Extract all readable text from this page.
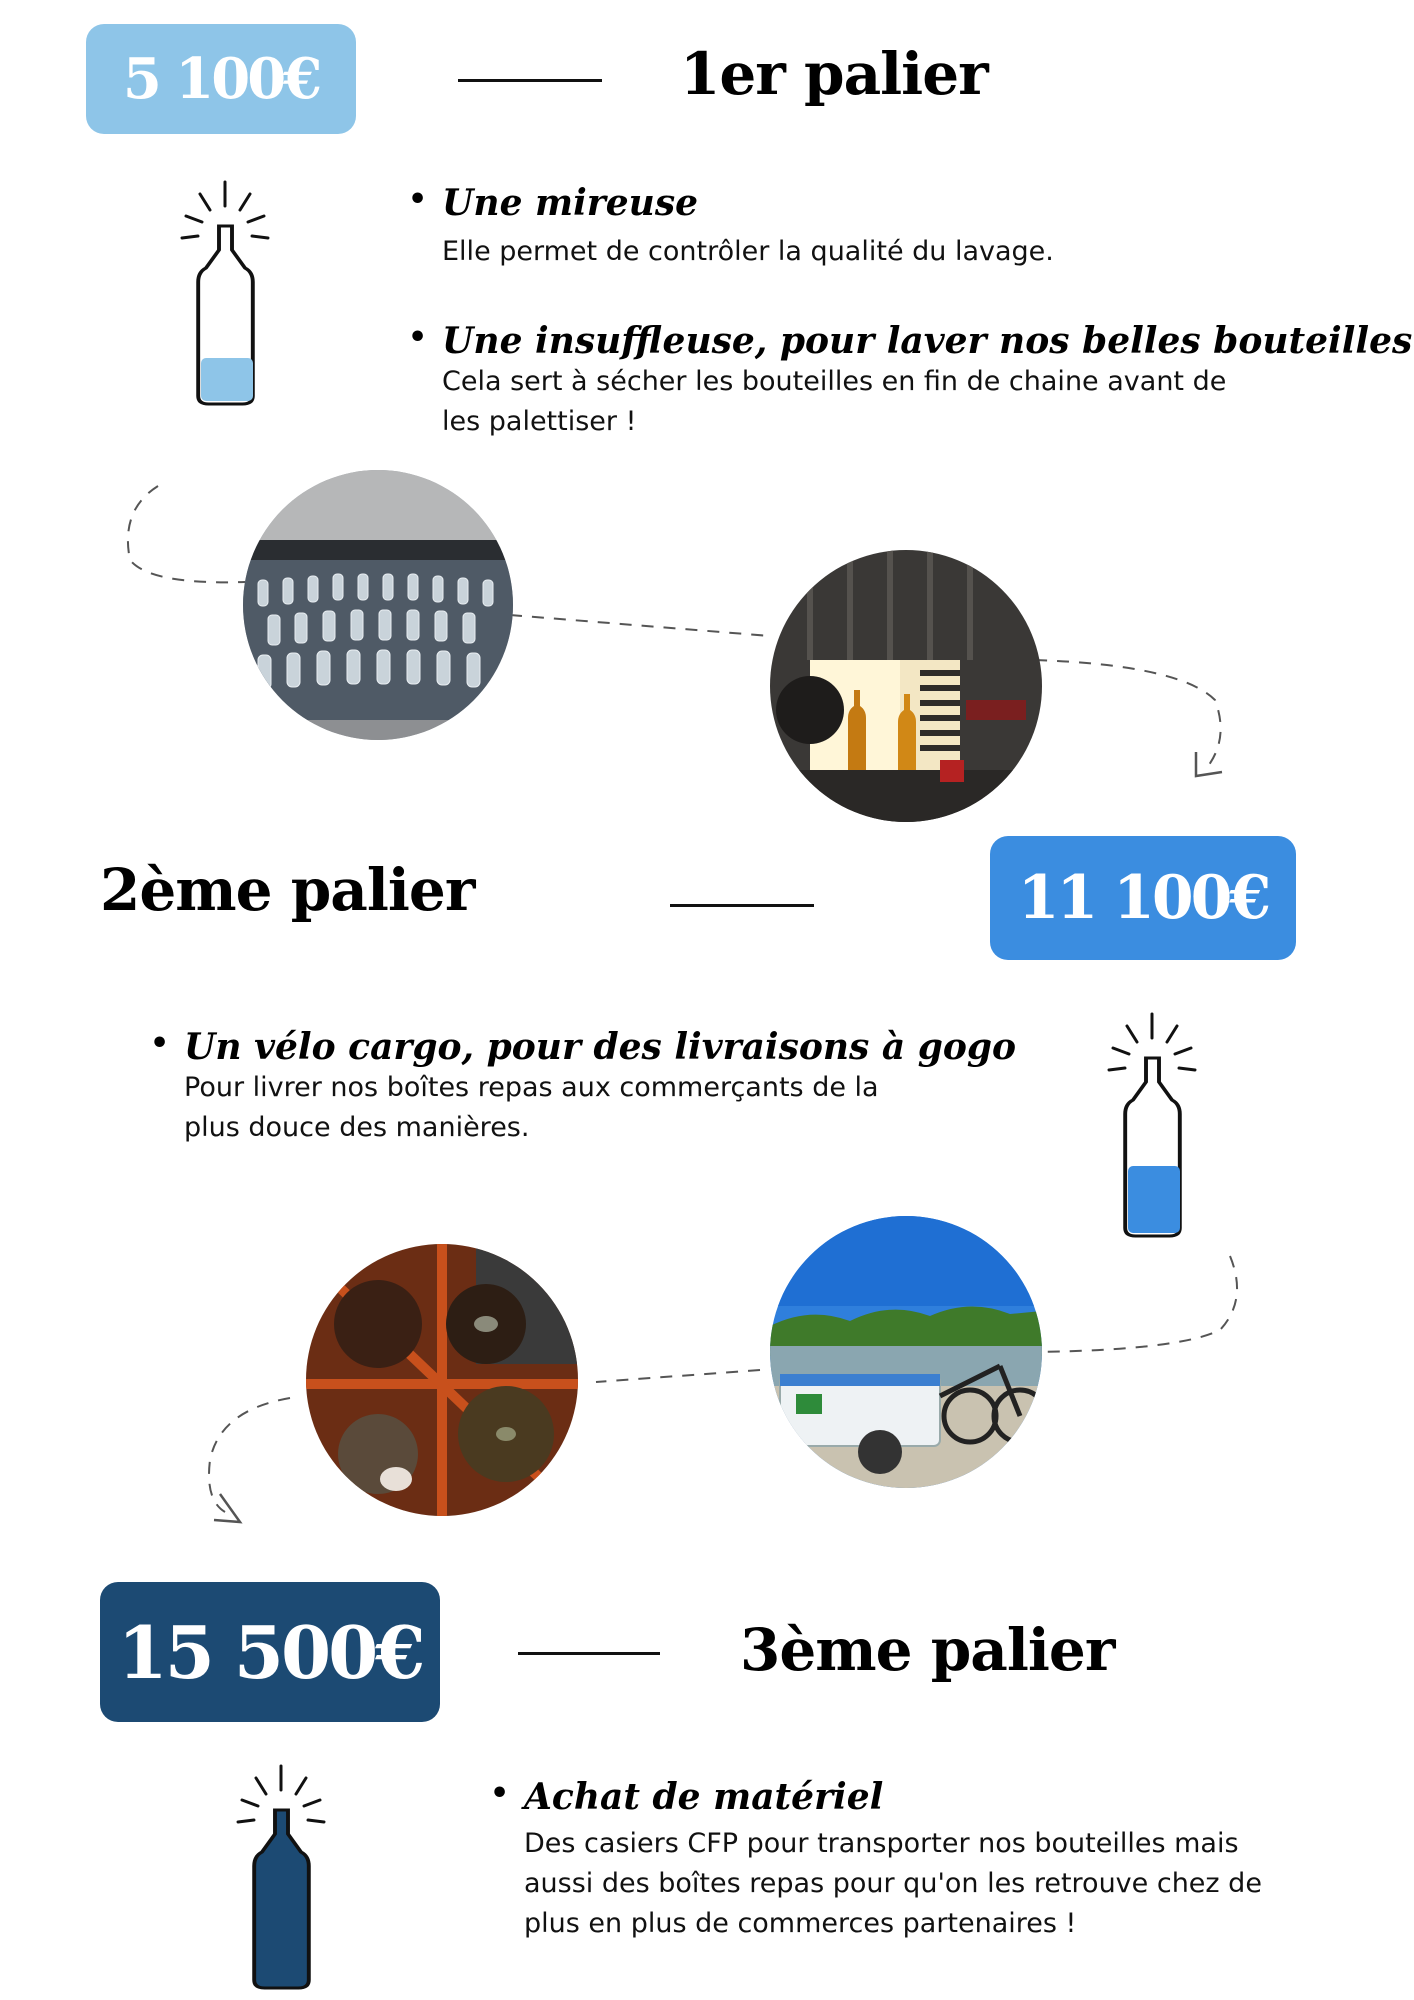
5 100€	1er palier
• Une mireuse
Elle permet de contrôler la qualité du lavage.
• Une insuffleuse, pour laver nos belles bouteilles
Cela sert à sécher les bouteilles en fin de chaine avant de
les palettiser !
2ème palier	11 100€
• Un vélo cargo, pour des livraisons à gogo
Pour livrer nos boîtes repas aux commerçants de la
plus douce des manières.
15 500€	3ème palier
• Achat de matériel
Des casiers CFP pour transporter nos bouteilles mais
aussi des boîtes repas pour qu'on les retrouve chez de
plus en plus de commerces partenaires !
